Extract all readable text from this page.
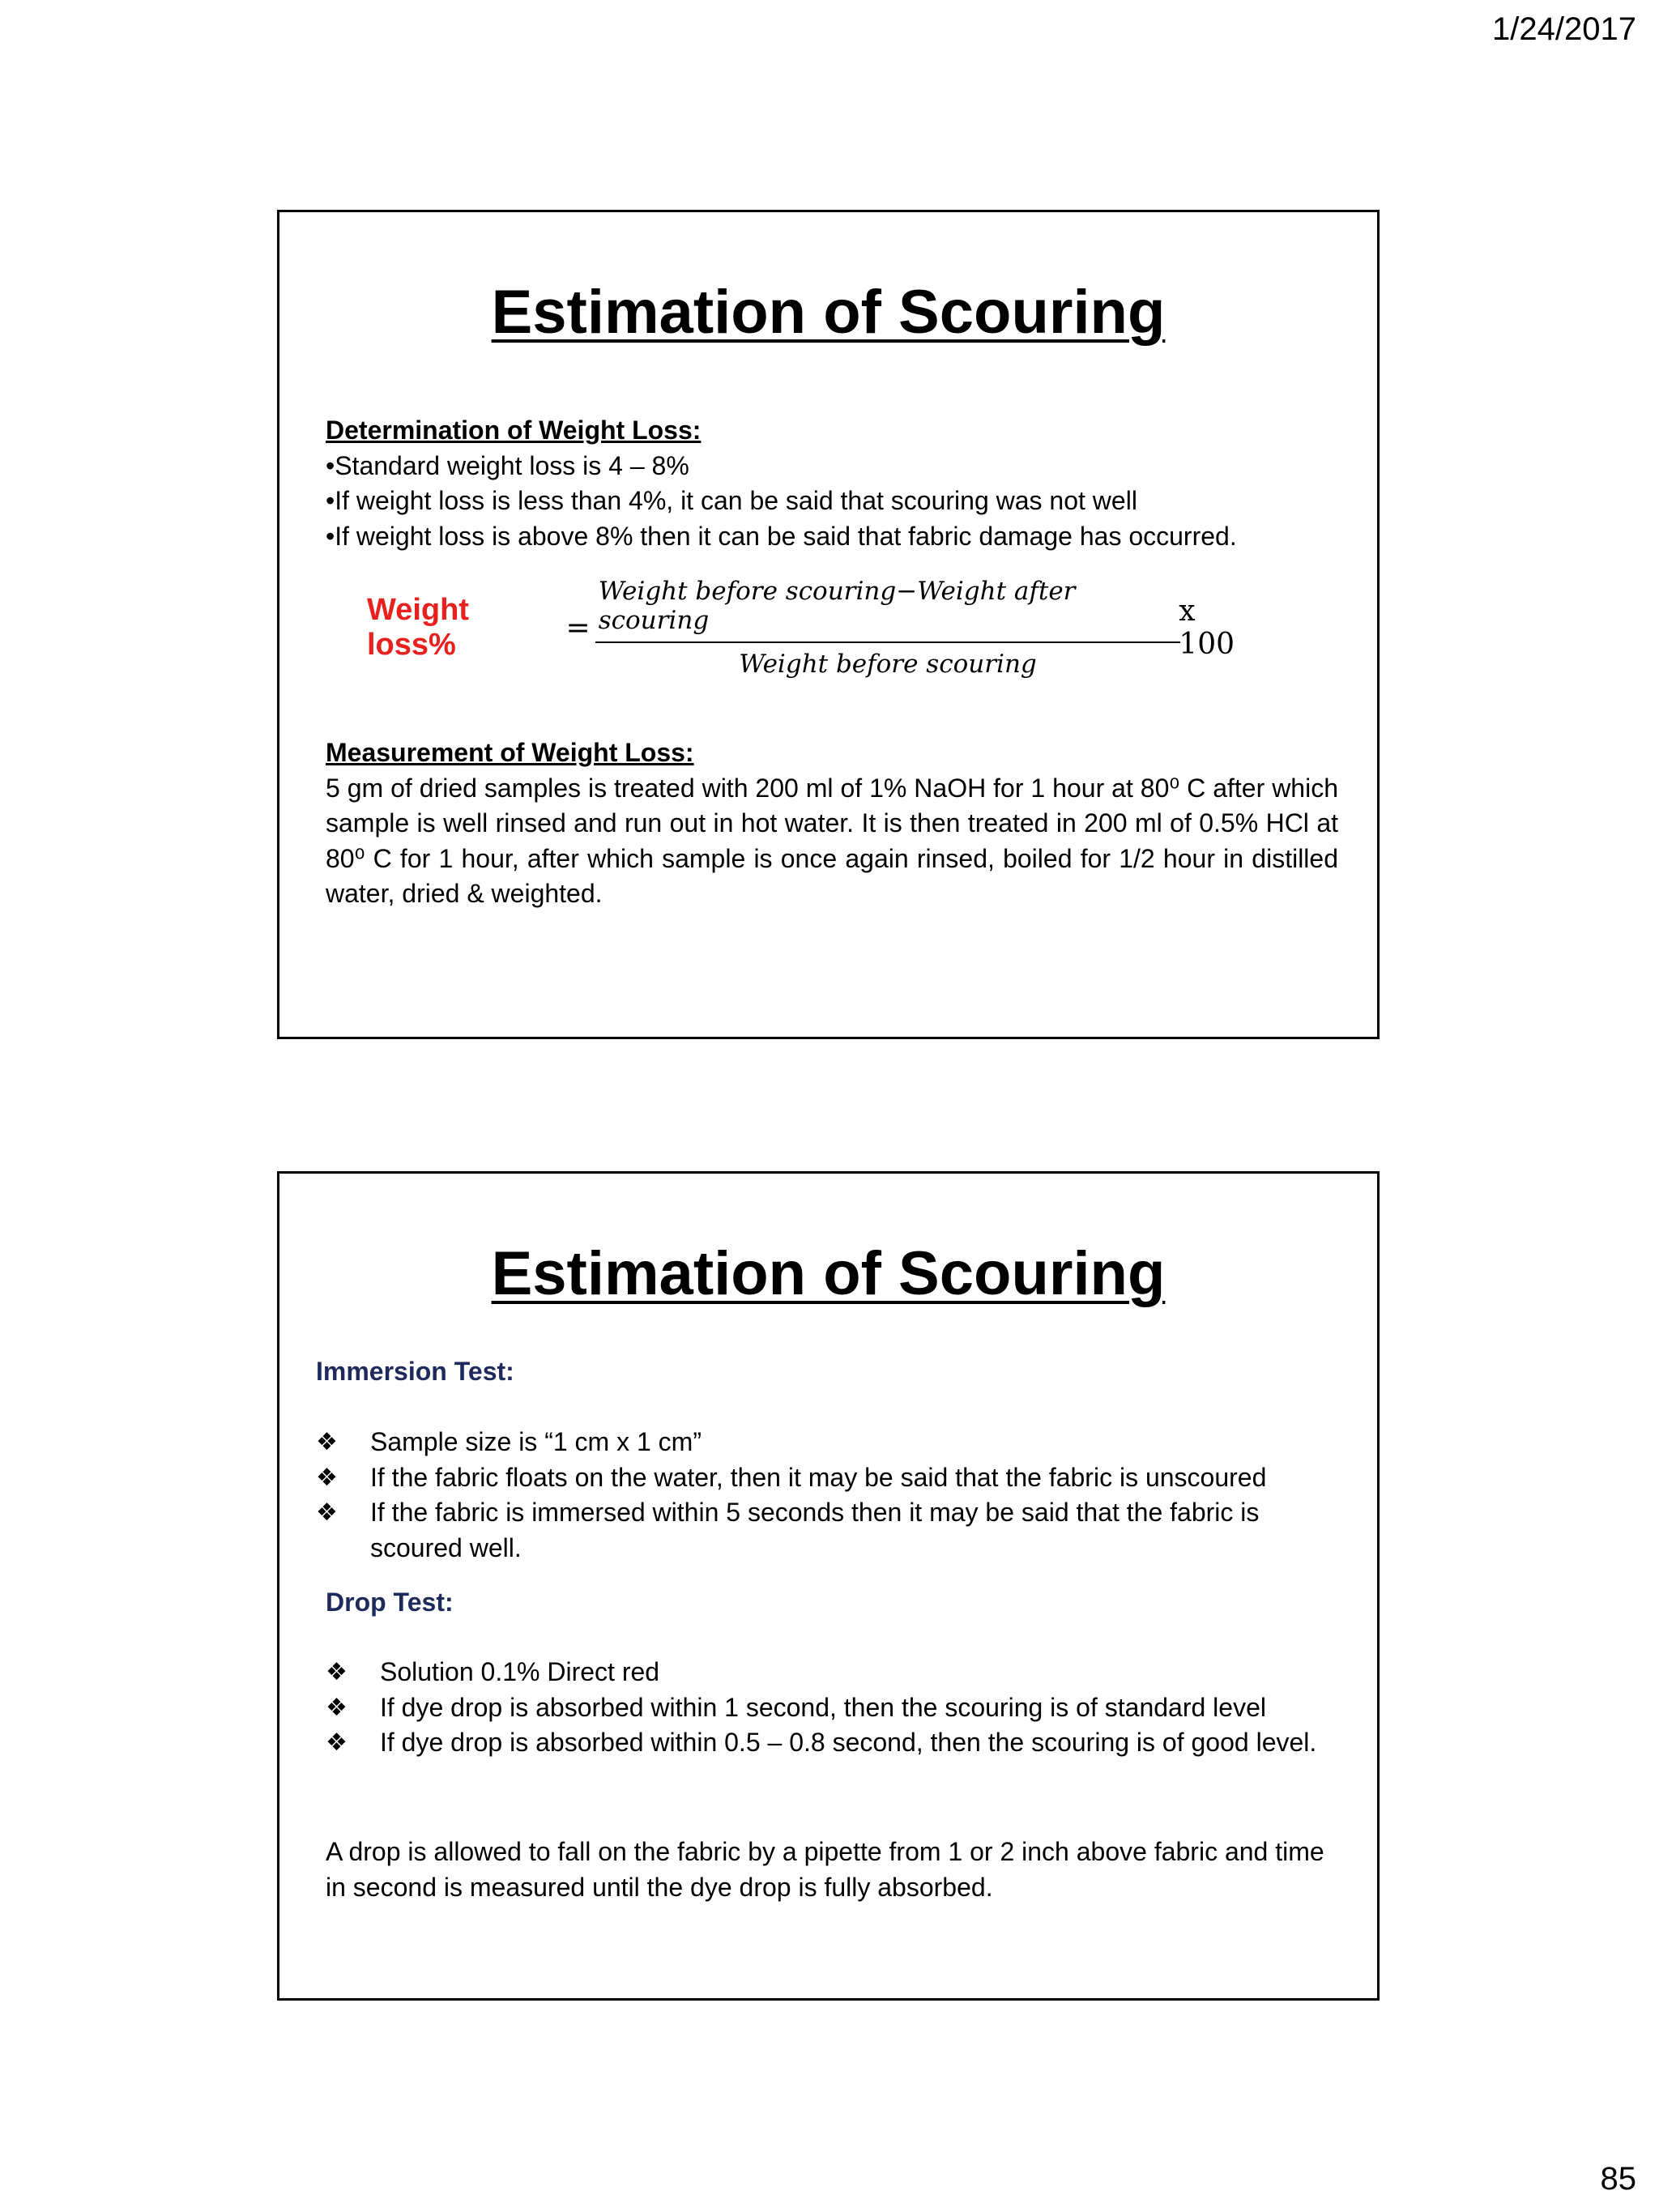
1/24/2017
Estimation of Scouring
Determination of Weight Loss:
•Standard weight loss is 4 – 8%
•If weight loss is less than 4%, it can be said that scouring was not well
•If weight loss is above 8% then it can be said that fabric damage has occurred.
Weight loss%	= $\frac{\text{Weight before scouring−Weight after scouring}}{\text{Weight before scouring}}$
x 100
Measurement of Weight Loss:
5 gm of dried samples is treated with 200 ml of 1% NaOH for 1 hour at 80⁰ C after which sample is well rinsed and run out in hot water. It is then treated in 200 ml of 0.5% HCl at 80⁰ C for 1 hour, after which sample is once again rinsed, boiled for 1/2 hour in distilled water, dried & weighted.
Estimation of Scouring
Immersion Test:
❖ Sample size is “1 cm x 1 cm”
❖ If the fabric floats on the water, then it may be said that the fabric is unscoured
❖ If the fabric is immersed within 5 seconds then it may be said that the fabric is scoured well.
Drop Test:
❖ Solution 0.1% Direct red
❖ If dye drop is absorbed within 1 second, then the scouring is of standard level
❖ If dye drop is absorbed within 0.5 – 0.8 second, then the scouring is of good level.
A drop is allowed to fall on the fabric by a pipette from 1 or 2 inch above fabric and time in second is measured until the dye drop is fully absorbed.
85
